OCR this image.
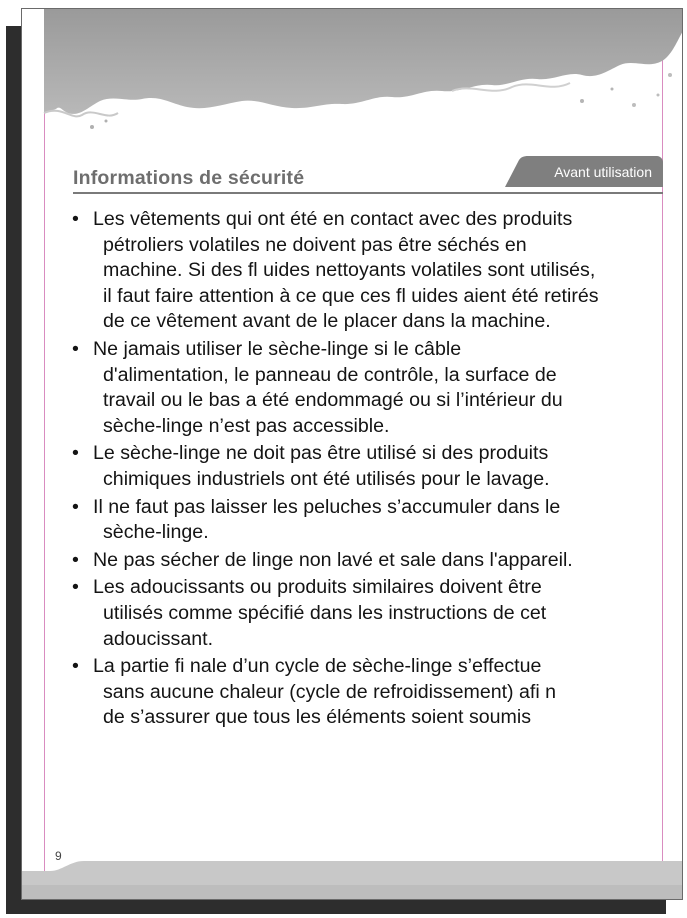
Informations de sécurité	Avant utilisation
• Les vêtements qui ont été en contact avec des produits
pétroliers volatiles ne doivent pas être séchés en
machine. Si des fl uides nettoyants volatiles sont utilisés,
il faut faire attention à ce que ces fl uides aient été retirés
de ce vêtement avant de le placer dans la machine.
• Ne jamais utiliser le sèche-linge si le câble
d'alimentation, le panneau de contrôle, la surface de
travail ou le bas a été endommagé ou si l’intérieur du
sèche-linge n’est pas accessible.
• Le sèche-linge ne doit pas être utilisé si des produits
chimiques industriels ont été utilisés pour le lavage.
• Il ne faut pas laisser les peluches s’accumuler dans le
sèche-linge.
• Ne pas sécher de linge non lavé et sale dans l'appareil.
• Les adoucissants ou produits similaires doivent être
utilisés comme spécifié dans les instructions de cet
adoucissant.
• La partie fi nale d’un cycle de sèche-linge s’effectue
sans aucune chaleur (cycle de refroidissement) afi n
de s’assurer que tous les éléments soient soumis
9
